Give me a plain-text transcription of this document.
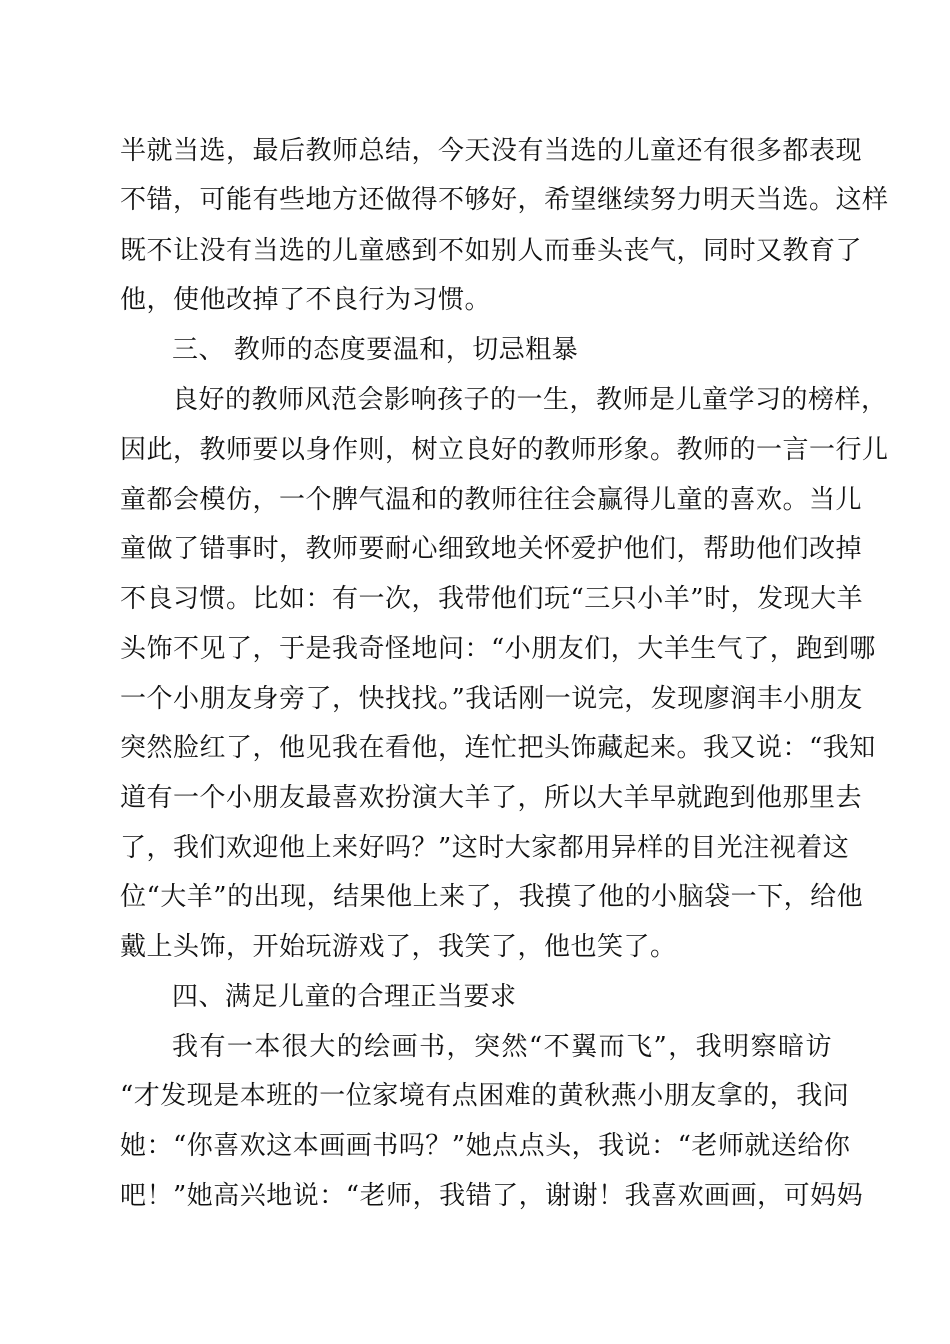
半就当选，最后教师总结，今天没有当选的儿童还有很多都表现
不错，可能有些地方还做得不够好，希望继续努力明天当选。这样
既不让没有当选的儿童感到不如别人而垂头丧气，同时又教育了
他，使他改掉了不良行为习惯。
三、 教师的态度要温和，切忌粗暴
良好的教师风范会影响孩子的一生，教师是儿童学习的榜样，
因此，教师要以身作则，树立良好的教师形象。教师的一言一行儿
童都会模仿，一个脾气温和的教师往往会赢得儿童的喜欢。当儿
童做了错事时，教师要耐心细致地关怀爱护他们，帮助他们改掉
不良习惯。比如：有一次，我带他们玩“三只小羊”时，发现大羊
头饰不见了，于是我奇怪地问：“小朋友们，大羊生气了，跑到哪
一个小朋友身旁了，快找找。”我话刚一说完，发现廖润丰小朋友
突然脸红了，他见我在看他，连忙把头饰藏起来。我又说：“我知
道有一个小朋友最喜欢扮演大羊了，所以大羊早就跑到他那里去
了，我们欢迎他上来好吗？”这时大家都用异样的目光注视着这
位“大羊”的出现，结果他上来了，我摸了他的小脑袋一下，给他
戴上头饰，开始玩游戏了，我笑了，他也笑了。
四、满足儿童的合理正当要求
我有一本很大的绘画书，突然“不翼而飞”，我明察暗访
“才发现是本班的一位家境有点困难的黄秋燕小朋友拿的，我问
她：“你喜欢这本画画书吗？”她点点头，我说：“老师就送给你
吧！”她高兴地说：“老师，我错了，谢谢！我喜欢画画，可妈妈
